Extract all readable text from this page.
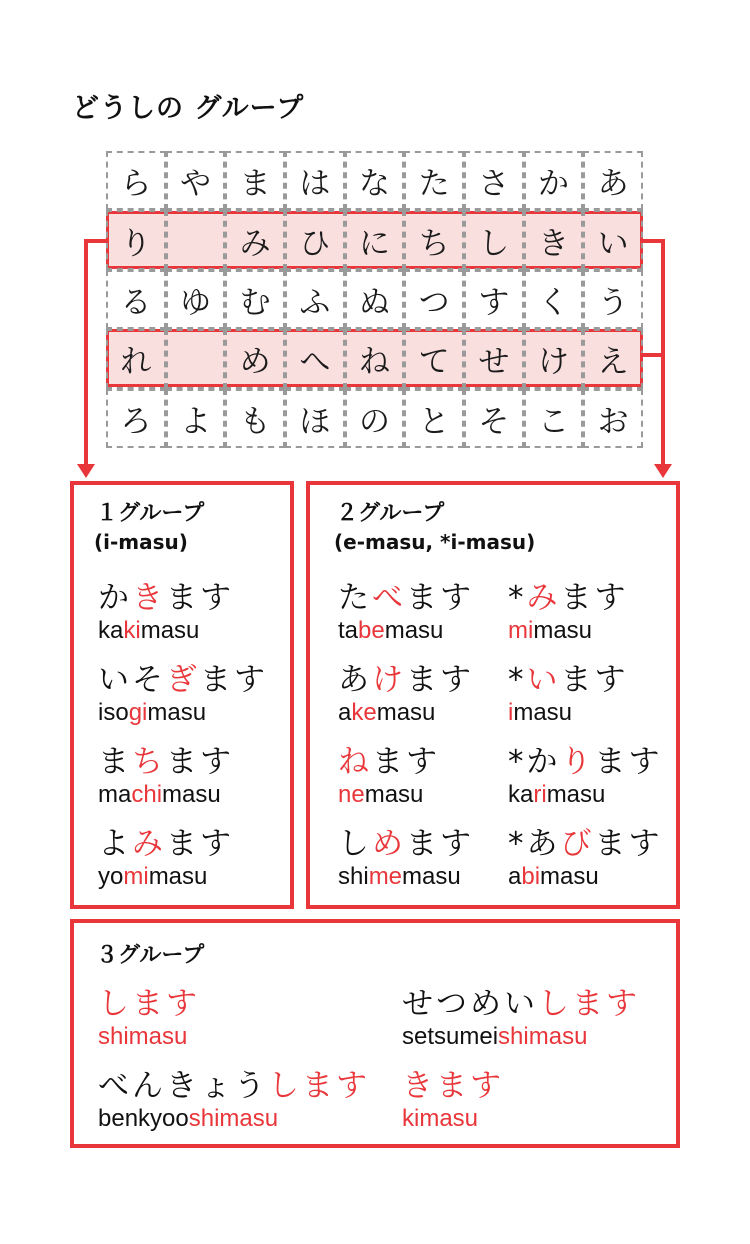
どうしの グループ
ら や ま は な た さ か あ
り	み ひ に ち し き い
る ゆ む ふ ぬ つ す く う
れ	め へ ね て せ け え
ろ よ も ほ の と そ こ お
１グループ
(i-masu)
かきます
kakimasu
いそぎます
isogimasu
まちます
machimasu
よみます
yomimasu
２グループ
(e-masu, *i-masu)
たべます
tabemasu
あけます
akemasu
ねます
nemasu
しめます
shimemasu
*みます
mimasu
*います
imasu
*かります
karimasu
*あびます
abimasu
３グループ
します
shimasu
せつめいします
setsumeishimasu
べんきょうします
benkyooshimasu
きます
kimasu
